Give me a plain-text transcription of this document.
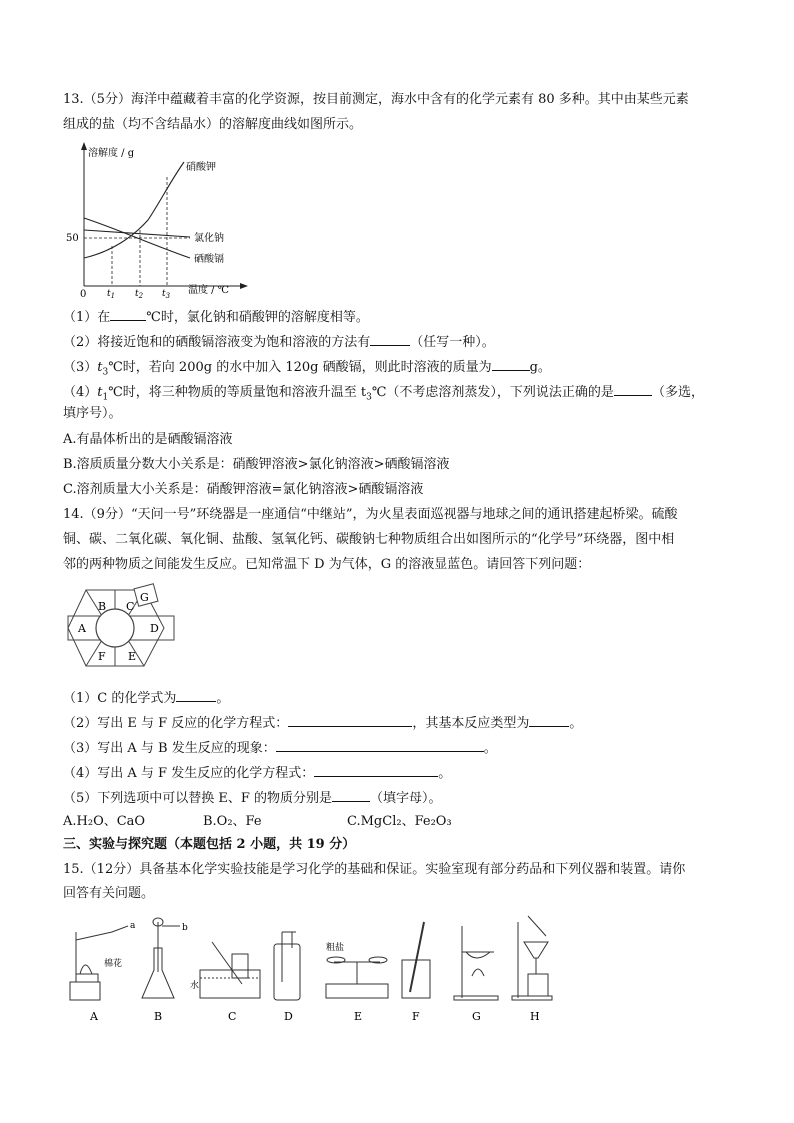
13.（5分）海洋中蕴藏着丰富的化学资源，按目前测定，海水中含有的化学元素有 80 多种。其中由某些元素
组成的盐（均不含结晶水）的溶解度曲线如图所示。
溶解度 / g
温度 / ℃
50
0
硝酸钾
氯化钠
硒酸镉
$t_1$ $t_2$ $t_3$
（1）在	℃时，氯化钠和硝酸钾的溶解度相等。
（2）将接近饱和的硒酸镉溶液变为饱和溶液的方法有	（任写一种）。
$(3)t_3℃$时，若向 200g 的水中加入 120g 硒酸镉，则此时溶液的质量为	g。
$(4)t_1℃$时，将三种物质的等质量饱和溶液升温至 $t_3℃$（不考虑溶剂蒸发），下列说法正确的是	（多选，
填序号）。
A.有晶体析出的是硒酸镉溶液
B.溶质质量分数大小关系是：硝酸钾溶液>氯化钠溶液>硒酸镉溶液
C.溶剂质量大小关系是：硝酸钾溶液=氯化钠溶液>硒酸镉溶液
14.（9分）“天问一号”环绕器是一座通信“中继站”，为火星表面巡视器与地球之间的通讯搭建起桥梁。硫酸
铜、碳、二氧化碳、氧化铜、盐酸、氢氧化钙、碳酸钠七种物质组合出如图所示的“化学号”环绕器，图中相
邻的两种物质之间能发生反应。已知常温下 D 为气体，G 的溶液显蓝色。请回答下列问题：
G
A
B C
D
E
F
（1）C 的化学式为	。
（2）写出 E 与 F 反应的化学方程式：	，其基本反应类型为	。
（3）写出 A 与 B 发生反应的现象：	。
（4）写出 A 与 F 发生反应的化学方程式：	。
（5）下列选项中可以替换 E、F 的物质分别是	（填字母）。
A.H₂O、CaO	B.O₂、Fe	C.MgCl₂、Fe₂O₃
三、实验与探究题（本题包括 2 小题，共 19 分）
15.（12分）具备基本化学实验技能是学习化学的基础和保证。实验室现有部分药品和下列仪器和装置。请你
回答有关问题。
a	b
棉花
水
粗盐
A	B	C	D	E	F	G	H
